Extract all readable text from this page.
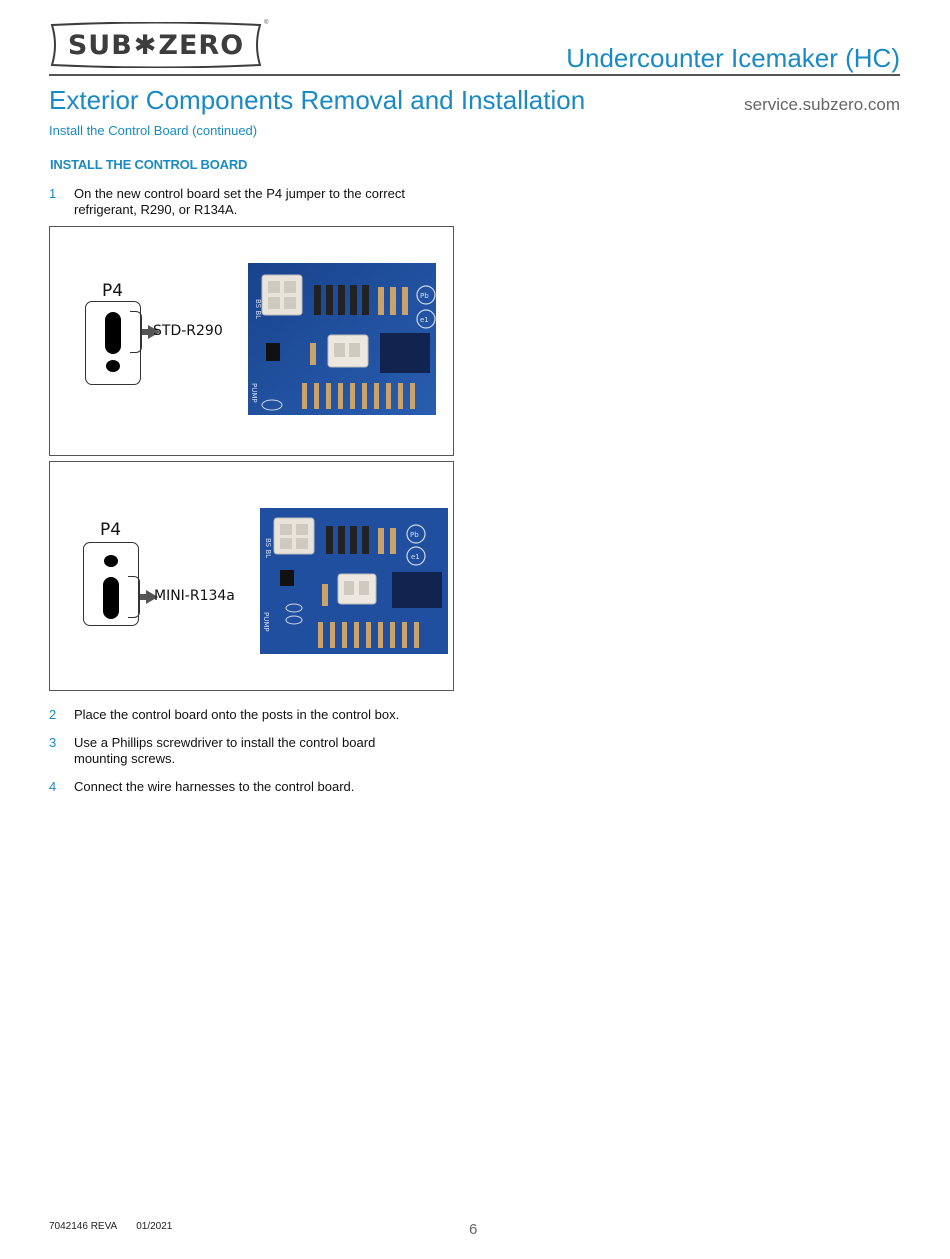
SUB ✱ ZERO
®
Undercounter Icemaker (HC)
Exterior Components Removal and Installation	service.subzero.com
Install the Control Board (continued)
INSTALL THE CONTROL BOARD
1	On the new control board set the P4 jumper to the correct refrigerant, R290, or R134A.
P4
STD-R290
BS BL
Pb
e1
PUMP
P4
MINI-R134a
BS BL
Pb
e1
PUMP
2	Place the control board onto the posts in the control box.
3	Use a Phillips screwdriver to install the control board mounting screws.
4	Connect the wire harnesses to the control board.
7042146 REVA 01/2021	6
